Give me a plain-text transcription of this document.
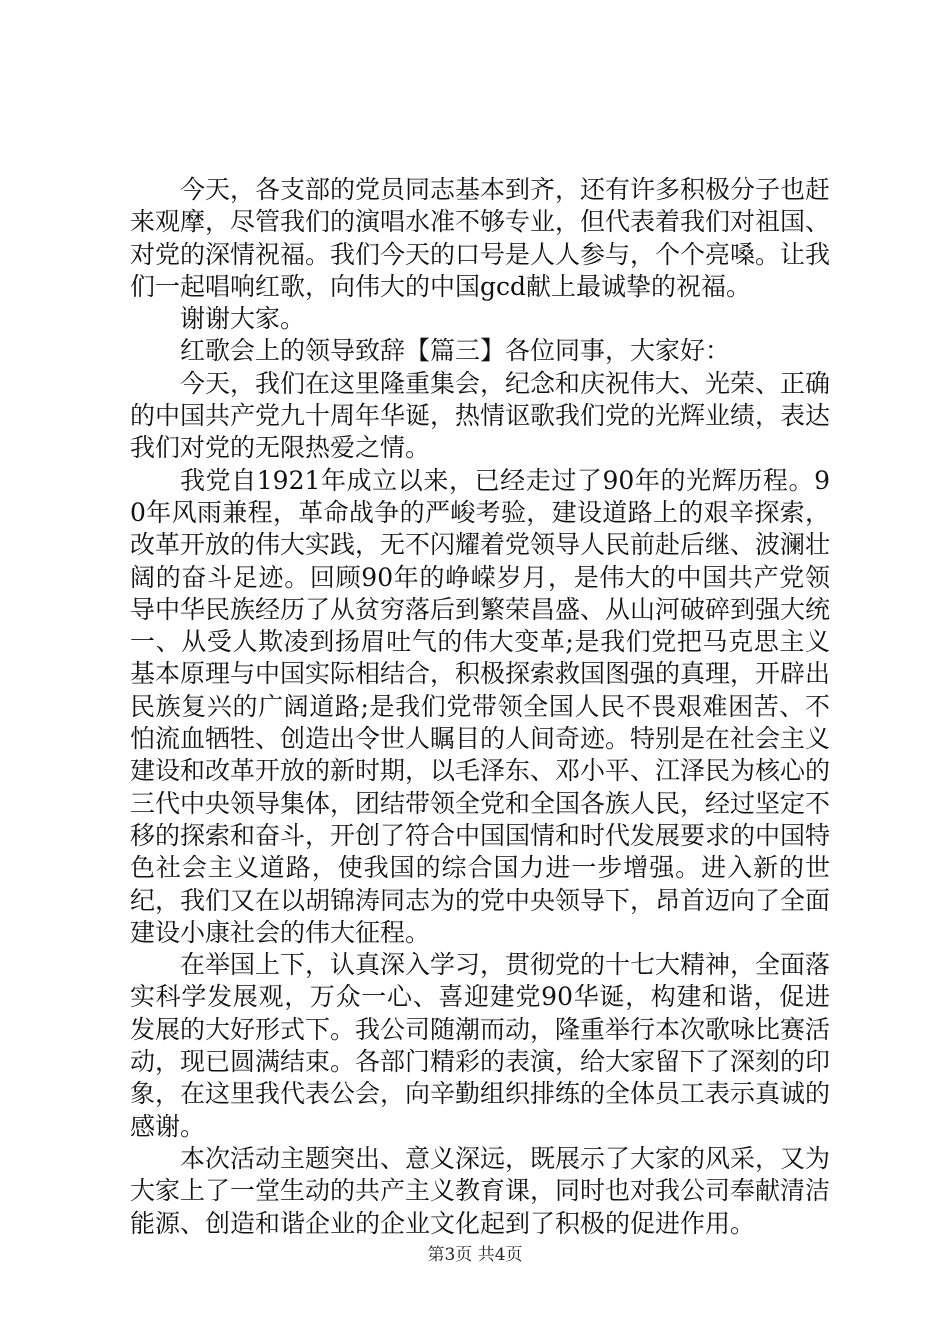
今天，各支部的党员同志基本到齐，还有许多积极分子也赶来观摩，尽管我们的演唱水准不够专业，但代表着我们对祖国、对党的深情祝福。我们今天的口号是人人参与，个个亮嗓。让我们一起唱响红歌，向伟大的中国gcd献上最诚挚的祝福。

谢谢大家。

红歌会上的领导致辞【篇三】各位同事，大家好：

今天，我们在这里隆重集会，纪念和庆祝伟大、光荣、正确的中国共产党九十周年华诞，热情讴歌我们党的光辉业绩，表达我们对党的无限热爱之情。

我党自1921年成立以来，已经走过了90年的光辉历程。90年风雨兼程，革命战争的严峻考验，建设道路上的艰辛探索，改革开放的伟大实践，无不闪耀着党领导人民前赴后继、波澜壮阔的奋斗足迹。回顾90年的峥嵘岁月，是伟大的中国共产党领导中华民族经历了从贫穷落后到繁荣昌盛、从山河破碎到强大统一、从受人欺凌到扬眉吐气的伟大变革;是我们党把马克思主义基本原理与中国实际相结合，积极探索救国图强的真理，开辟出民族复兴的广阔道路;是我们党带领全国人民不畏艰难困苦、不怕流血牺牲、创造出令世人瞩目的人间奇迹。特别是在社会主义建设和改革开放的新时期，以毛泽东、邓小平、江泽民为核心的三代中央领导集体，团结带领全党和全国各族人民，经过坚定不移的探索和奋斗，开创了符合中国国情和时代发展要求的中国特色社会主义道路，使我国的综合国力进一步增强。进入新的世纪，我们又在以胡锦涛同志为的党中央领导下，昂首迈向了全面建设小康社会的伟大征程。

在举国上下，认真深入学习，贯彻党的十七大精神，全面落实科学发展观，万众一心、喜迎建党90华诞，构建和谐，促进发展的大好形式下。我公司随潮而动，隆重举行本次歌咏比赛活动，现已圆满结束。各部门精彩的表演，给大家留下了深刻的印象，在这里我代表公会，向辛勤组织排练的全体员工表示真诚的感谢。

本次活动主题突出、意义深远，既展示了大家的风采，又为大家上了一堂生动的共产主义教育课，同时也对我公司奉献清洁能源、创造和谐企业的企业文化起到了积极的促进作用。

第3页 共4页
